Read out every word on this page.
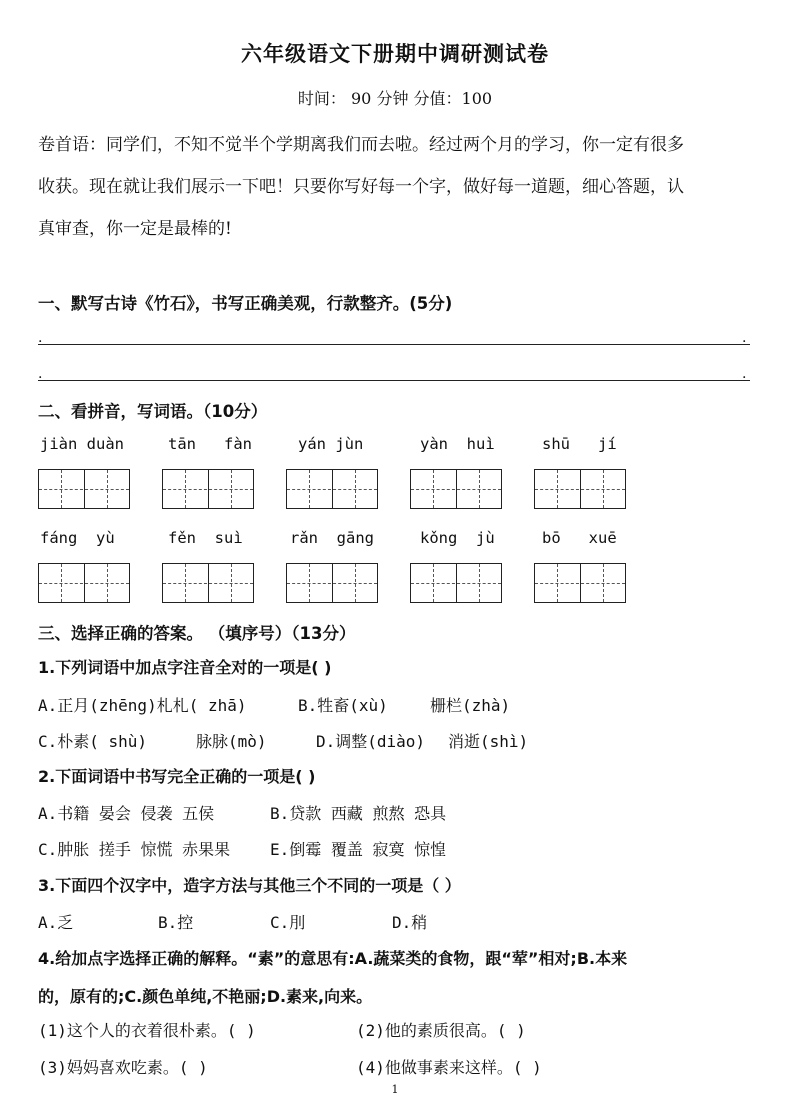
六年级语文下册期中调研测试卷
时间： 90 分钟 分值：100
卷首语：同学们，不知不觉半个学期离我们而去啦。经过两个月的学习，你一定有很多
收获。现在就让我们展示一下吧！只要你写好每一个字，做好每一道题，细心答题，认
真审查，你一定是最棒的!
一、默写古诗《竹石》，书写正确美观，行款整齐。(5分)
.	.
.	.
二、看拼音，写词语。（10分）
jiàn duàn	tān   fàn	yán jùn	yàn  huì	shū   jí
fáng  yù	fěn  suì	rǎn  gāng	kǒng  jù	bō   xuē
三、选择正确的答案。 （填序号）（13分）
1.下列词语中加点字注音全对的一项是( )
A.正月(zhēng)札札( zhā)	B.牲畜(xù)	栅栏(zhà)
C.朴素( shù)	脉脉(mò)	D.调整(diào) 消逝(shì)
2.下面词语中书写完全正确的一项是( )
A.书籍 晏会 侵袭 五侯	B.贷款 西藏 煎熬 恐具
C.肿胀 搓手 惊慌 赤果果 E.倒霉 覆盖 寂寞 惊惶
3.下面四个汉字中，造字方法与其他三个不同的一项是（ ）
A.乏	B.控	C.刖	D.稍
4.给加点字选择正确的解释。“素”的意思有:A.蔬菜类的食物，跟“荤”相对;B.本来
的，原有的;C.颜色单纯,不艳丽;D.素来,向来。
(1)这个人的衣着很朴素。( )	(2)他的素质很高。( )
(3)妈妈喜欢吃素。( )	(4)他做事素来这样。( )
1
